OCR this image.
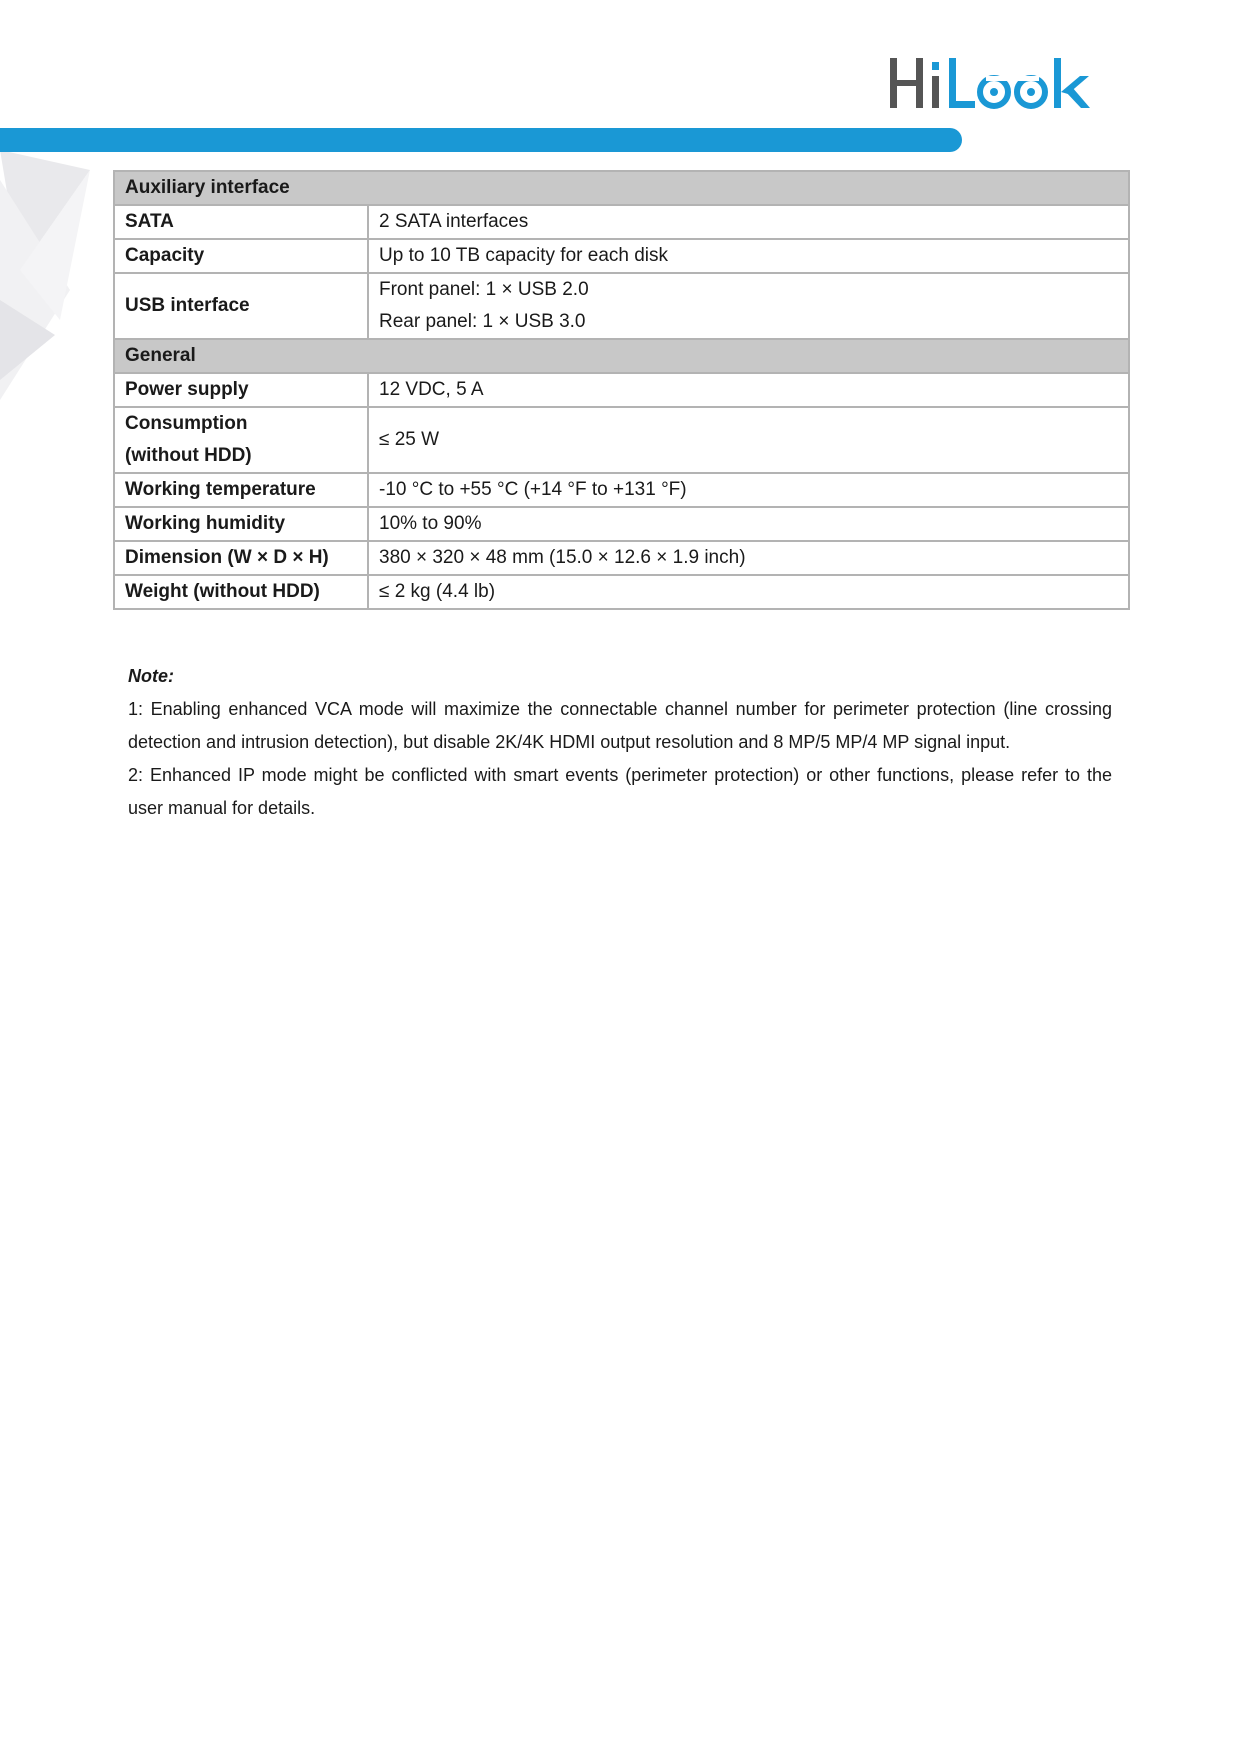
Auxiliary interface	
SATA	2 SATA interfaces
Capacity	Up to 10 TB capacity for each disk
USB interface	Front panel: 1 × USB 2.0
Rear panel: 1 × USB 3.0

General	
Power supply	12 VDC, 5 A

Consumption
(without HDD)	≤ 25 W
Working temperature	-10 °C to +55 °C (+14 °F to +131 °F)
Working humidity	10% to 90%
Dimension (W × D × H)	380 × 320 × 48 mm (15.0 × 12.6 × 1.9 inch)
Weight (without HDD)	≤ 2 kg (4.4 lb)

Note:

1: Enabling enhanced VCA mode will maximize the connectable channel number for perimeter protection (line crossing detection and intrusion detection), but disable 2K/4K HDMI output resolution and 8 MP/5 MP/4 MP signal input.

2: Enhanced IP mode might be conflicted with smart events (perimeter protection) or other functions, please refer to the user manual for details.
